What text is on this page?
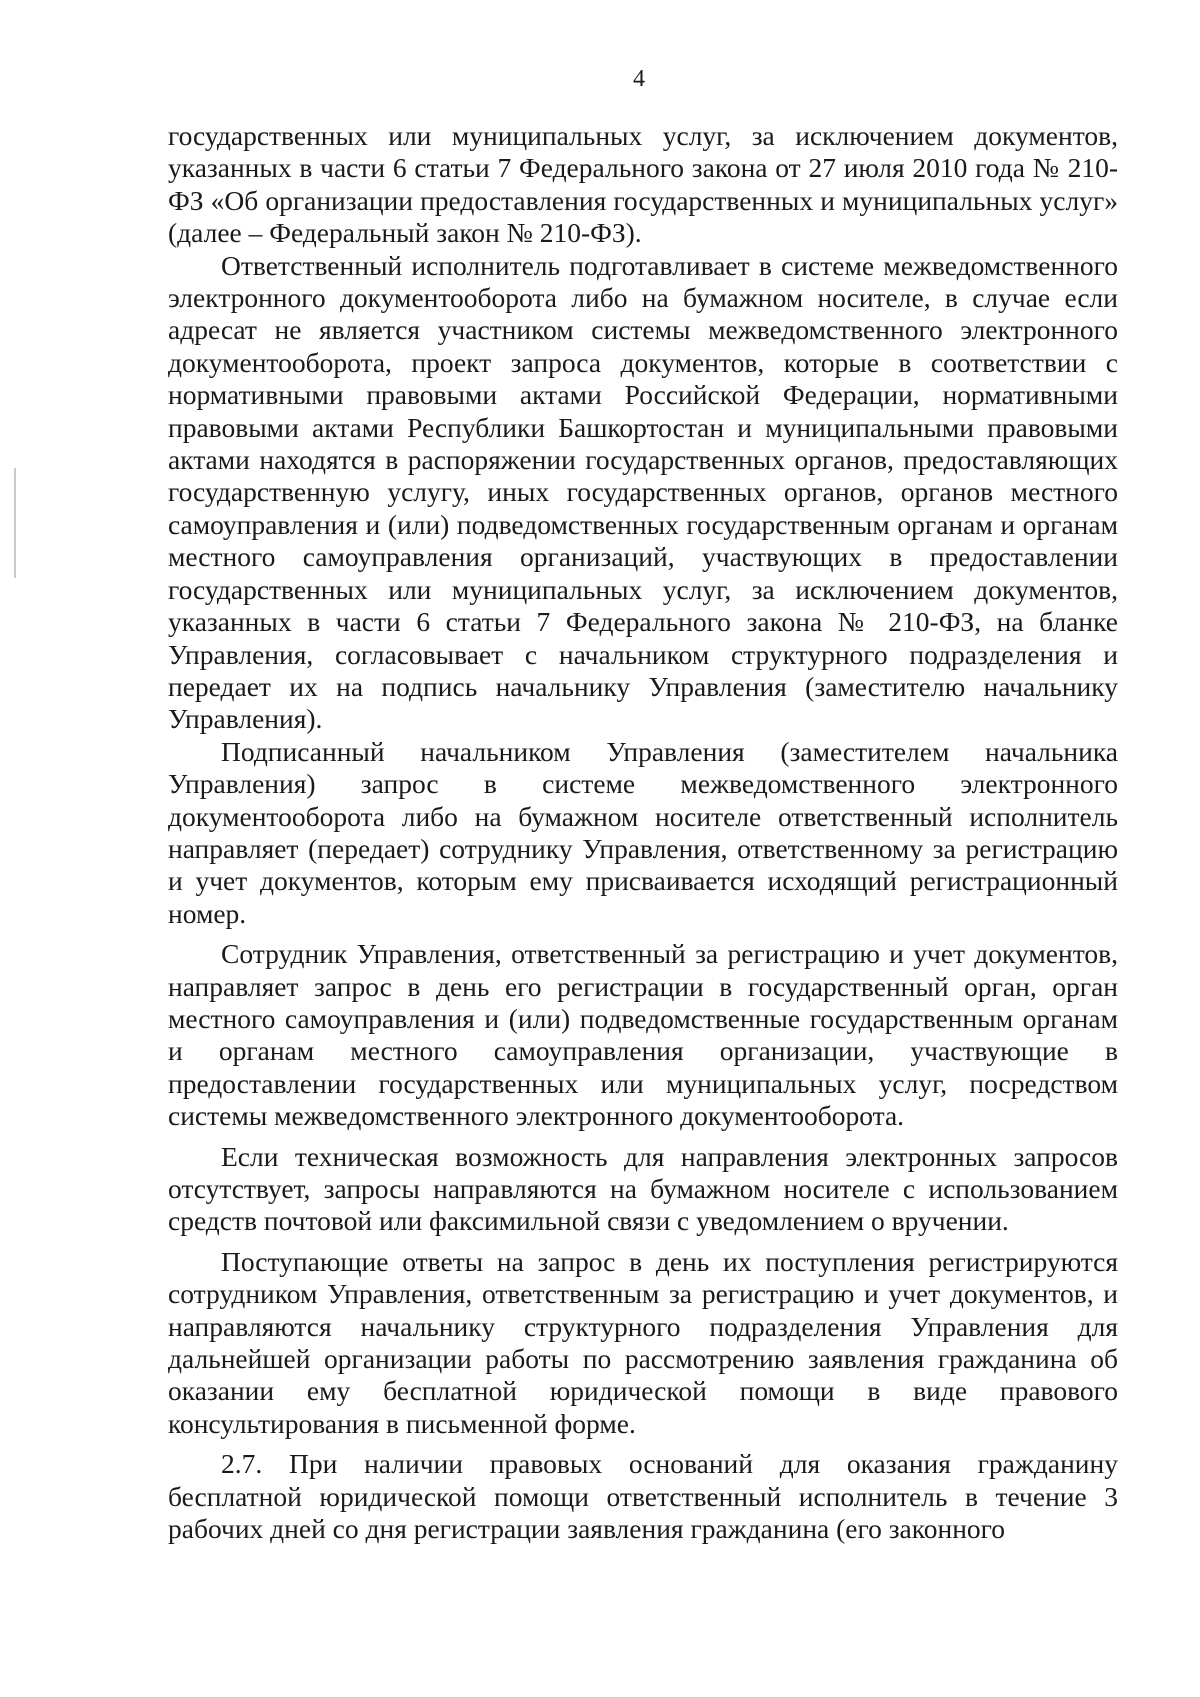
4

государственных или муниципальных услуг, за исключением документов, указанных в части 6 статьи 7 Федерального закона от 27 июля 2010 года № 210-ФЗ «Об организации предоставления государственных и муниципальных услуг» (далее – Федеральный закон № 210-ФЗ).

Ответственный исполнитель подготавливает в системе межведомственного электронного документооборота либо на бумажном носителе, в случае если адресат не является участником системы межведомственного электронного документооборота, проект запроса документов, которые в соответствии с нормативными правовыми актами Российской Федерации, нормативными правовыми актами Республики Башкортостан и муниципальными правовыми актами находятся в распоряжении государственных органов, предоставляющих государственную услугу, иных государственных органов, органов местного самоуправления и (или) подведомственных государственным органам и органам местного самоуправления организаций, участвующих в предоставлении государственных или муниципальных услуг, за исключением документов, указанных в части 6 статьи 7 Федерального закона № 210-ФЗ, на бланке Управления, согласовывает с начальником структурного подразделения и передает их на подпись начальнику Управления (заместителю начальнику Управления).

Подписанный начальником Управления (заместителем начальника Управления) запрос в системе межведомственного электронного документооборота либо на бумажном носителе ответственный исполнитель направляет (передает) сотруднику Управления, ответственному за регистрацию и учет документов, которым ему присваивается исходящий регистрационный номер.

Сотрудник Управления, ответственный за регистрацию и учет документов, направляет запрос в день его регистрации в государственный орган, орган местного самоуправления и (или) подведомственные государственным органам и органам местного самоуправления организации, участвующие в предоставлении государственных или муниципальных услуг, посредством системы межведомственного электронного документооборота.

Если техническая возможность для направления электронных запросов отсутствует, запросы направляются на бумажном носителе с использованием средств почтовой или факсимильной связи с уведомлением о вручении.

Поступающие ответы на запрос в день их поступления регистрируются сотрудником Управления, ответственным за регистрацию и учет документов, и направляются начальнику структурного подразделения Управления для дальнейшей организации работы по рассмотрению заявления гражданина об оказании ему бесплатной юридической помощи в виде правового консультирования в письменной форме.

2.7. При наличии правовых оснований для оказания гражданину бесплатной юридической помощи ответственный исполнитель в течение 3 рабочих дней со дня регистрации заявления гражданина (его законного
